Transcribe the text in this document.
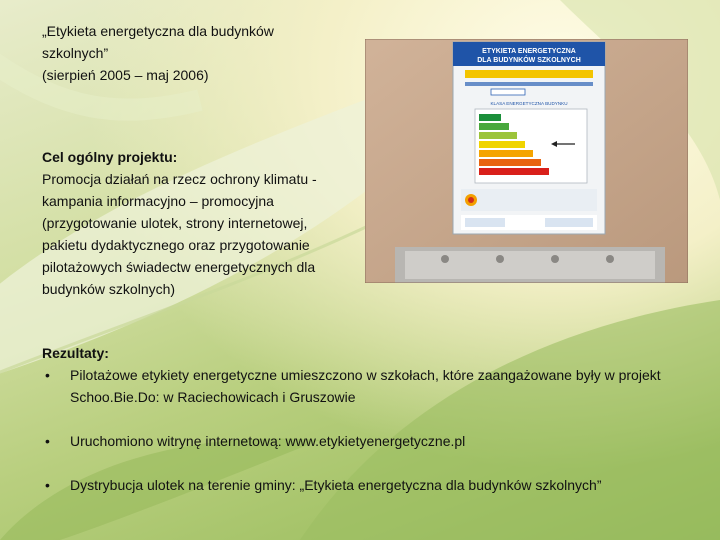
„Etykieta energetyczna dla budynków
szkolnych”
(sierpień 2005 – maj 2006)
Cel ogólny projektu:
Promocja działań na rzecz ochrony klimatu - kampania informacyjno – promocyjna (przygotowanie ulotek, strony internetowej, pakietu dydaktycznego oraz przygotowanie pilotażowych świadectw energetycznych dla budynków szkolnych)
Rezultaty:
• Pilotażowe etykiety energetyczne umieszczono w szkołach, które zaangażowane były w projekt Schoo.Bie.Do: w Raciechowicach i Gruszowie
• Uruchomiono witrynę internetową: www.etykietyenergetyczne.pl
• Dystrybucja ulotek na terenie gminy: „Etykieta energetyczna dla budynków szkolnych”
ETYKIETA ENERGETYCZNA
DLA BUDYNKÓW SZKOLNYCH
KLASA ENERGETYCZNA BUDYNKU
